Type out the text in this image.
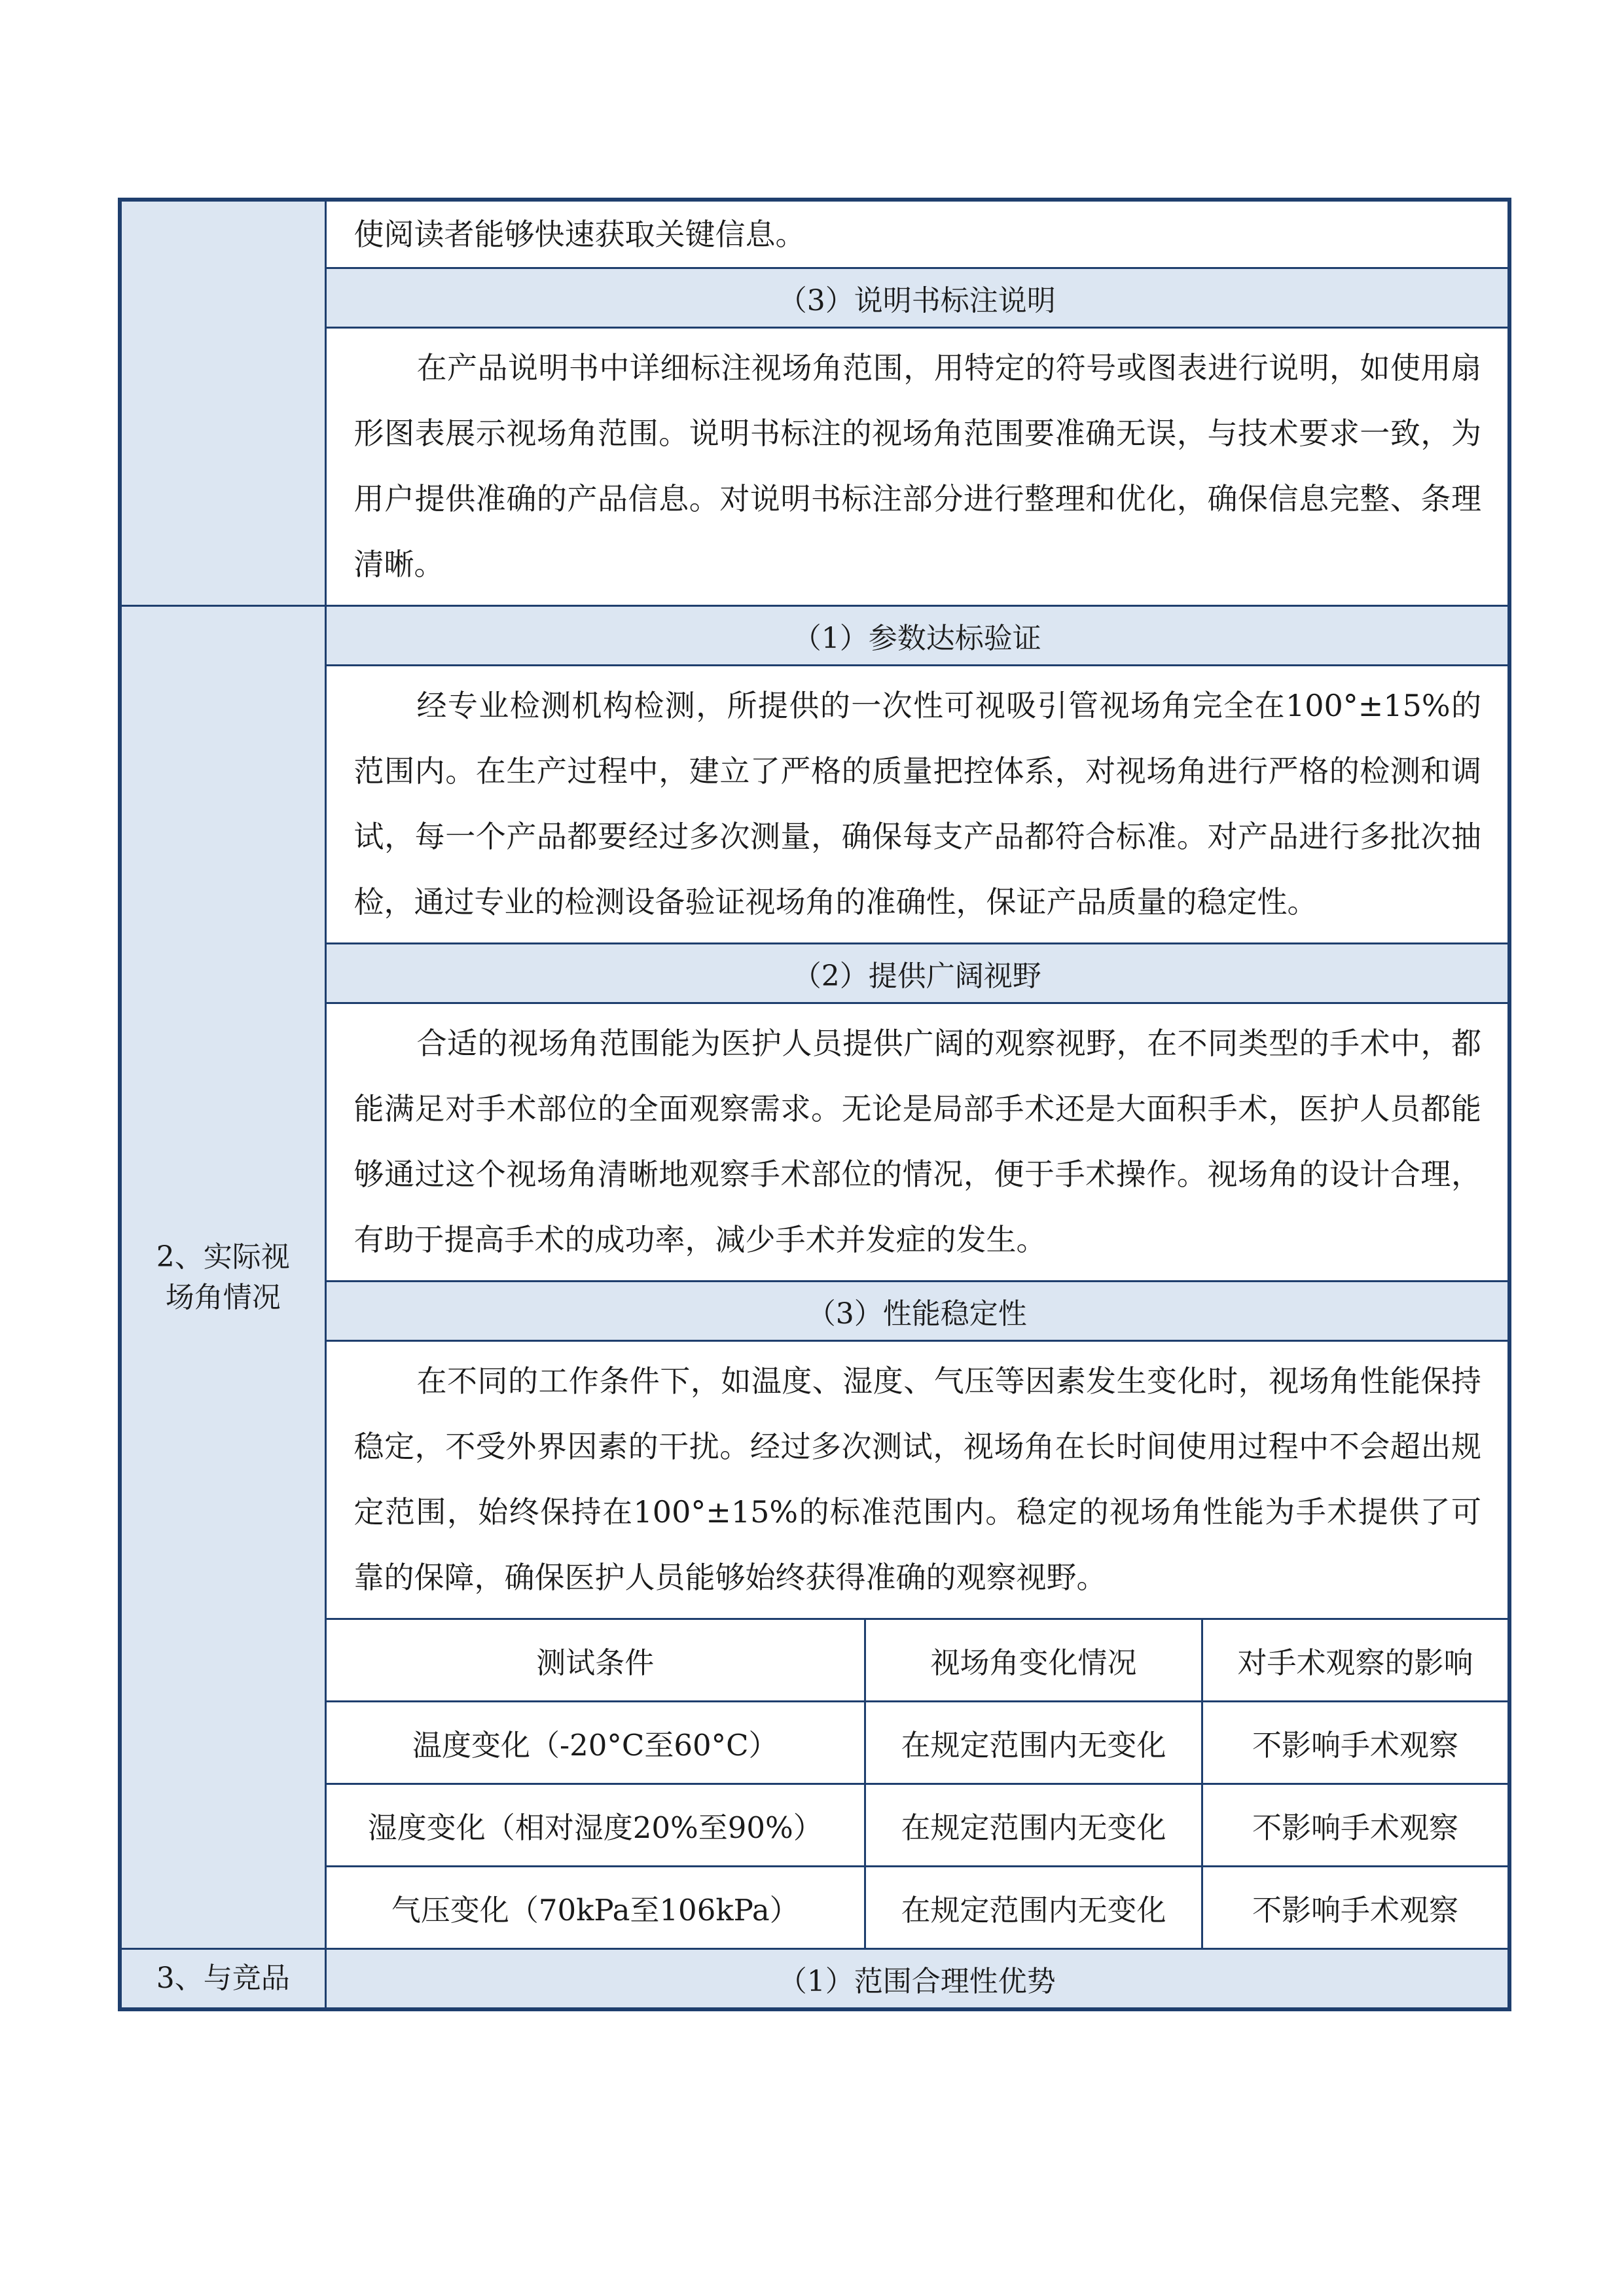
	使阅读者能够快速获取关键信息。
（3）说明书标注说明
在产品说明书中详细标注视场角范围，用特定的符号或图表进行说明，如使用扇形图表展示视场角范围。说明书标注的视场角范围要准确无误，与技术要求一致，为用户提供准确的产品信息。对说明书标注部分进行整理和优化，确保信息完整、条理清晰。
2、实际视场角情况	（1）参数达标验证
经专业检测机构检测，所提供的一次性可视吸引管视场角完全在100°±15%的范围内。在生产过程中，建立了严格的质量把控体系，对视场角进行严格的检测和调试，每一个产品都要经过多次测量，确保每支产品都符合标准。对产品进行多批次抽检，通过专业的检测设备验证视场角的准确性，保证产品质量的稳定性。
（2）提供广阔视野
合适的视场角范围能为医护人员提供广阔的观察视野，在不同类型的手术中，都能满足对手术部位的全面观察需求。无论是局部手术还是大面积手术，医护人员都能够通过这个视场角清晰地观察手术部位的情况，便于手术操作。视场角的设计合理，有助于提高手术的成功率，减少手术并发症的发生。
（3）性能稳定性
在不同的工作条件下，如温度、湿度、气压等因素发生变化时，视场角性能保持稳定，不受外界因素的干扰。经过多次测试，视场角在长时间使用过程中不会超出规定范围，始终保持在100°±15%的标准范围内。稳定的视场角性能为手术提供了可靠的保障，确保医护人员能够始终获得准确的观察视野。

测试条件	视场角变化情况	对手术观察的影响
温度变化（-20°C至60°C）	在规定范围内无变化	不影响手术观察
湿度变化（相对湿度20%至90%）	在规定范围内无变化	不影响手术观察
气压变化（70kPa至106kPa）	在规定范围内无变化	不影响手术观察

3、与竞品	（1）范围合理性优势
